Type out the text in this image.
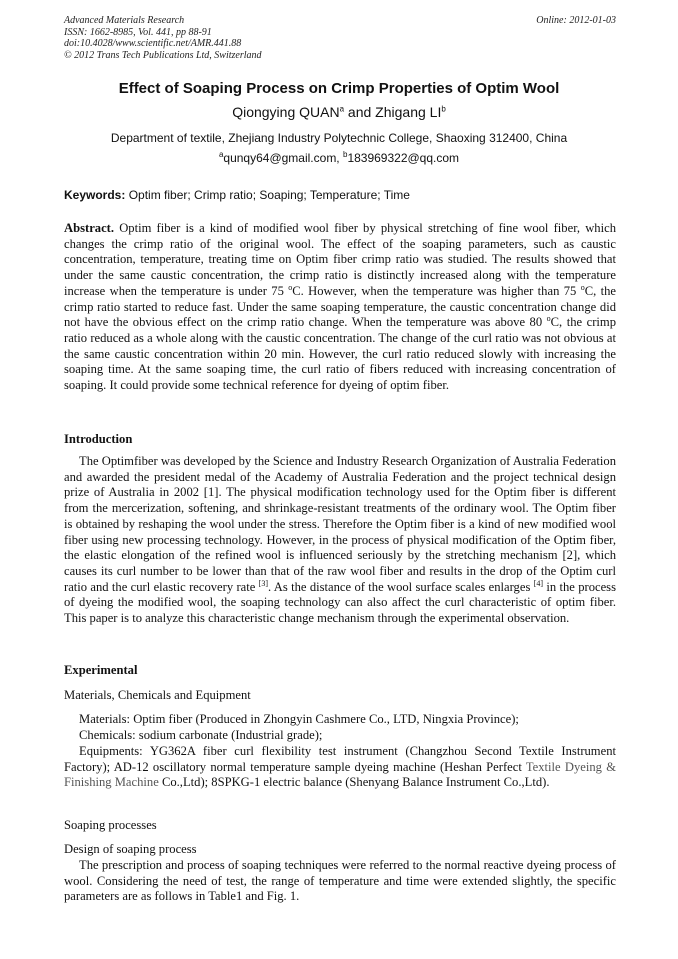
Advanced Materials Research
ISSN: 1662-8985, Vol. 441, pp 88-91
doi:10.4028/www.scientific.net/AMR.441.88
© 2012 Trans Tech Publications Ltd, Switzerland
Online: 2012-01-03
Effect of Soaping Process on Crimp Properties of Optim Wool
Qiongying QUAN$^a$ and Zhigang $LI^b$
Department of textile, Zhejiang Industry Polytechnic College, Shaoxing 312400, China
$^a$qunqy64@gmail.com, $^b$183969322@qq.com
Keywords: Optim fiber; Crimp ratio; Soaping; Temperature; Time
Abstract. Optim fiber is a kind of modified wool fiber by physical stretching of fine wool fiber, which changes the crimp ratio of the original wool. The effect of the soaping parameters, such as caustic concentration, temperature, treating time on Optim fiber crimp ratio was studied. The results showed that under the same caustic concentration, the crimp ratio is distinctly increased along with the temperature increase when the temperature is under 75 $^o$C. However, when the temperature was higher than 75 $^o$C, the crimp ratio started to reduce fast. Under the same soaping temperature, the caustic concentration change did not have the obvious effect on the crimp ratio change. When the temperature was above 80 $^o$C, the crimp ratio reduced as a whole along with the caustic concentration. The change of the curl ratio was not obvious at the same caustic concentration within 20 min. However, the curl ratio reduced slowly with increasing the soaping time. At the same soaping time, the curl ratio of fibers reduced with increasing concentration of soaping. It could provide some technical reference for dyeing of optim fiber.
Introduction
The Optimfiber was developed by the Science and Industry Research Organization of Australia Federation and awarded the president medal of the Academy of Australia Federation and the project technical design prize of Australia in 2002 [1]. The physical modification technology used for the Optim fiber is different from the mercerization, softening, and shrinkage-resistant treatments of the ordinary wool. The Optim fiber is obtained by reshaping the wool under the stress. Therefore the Optim fiber is a kind of new modified wool fiber using new processing technology. However, in the process of physical modification of the Optim fiber, the elastic elongation of the refined wool is influenced seriously by the stretching mechanism [2], which causes its curl number to be lower than that of the raw wool fiber and results in the drop of the Optim curl ratio and the curl elastic recovery rate [3]. As the distance of the wool surface scales enlarges [4] in the process of dyeing the modified wool, the soaping technology can also affect the curl characteristic of optim fiber. This paper is to analyze this characteristic change mechanism through the experimental observation.
Experimental
Materials, Chemicals and Equipment
Materials: Optim fiber (Produced in Zhongyin Cashmere Co., LTD, Ningxia Province);
Chemicals: sodium carbonate (Industrial grade);
Equipments: YG362A fiber curl flexibility test instrument (Changzhou Second Textile Instrument Factory); AD-12 oscillatory normal temperature sample dyeing machine (Heshan Perfect Textile Dyeing & Finishing Machine Co.,Ltd); 8SPKG-1 electric balance (Shenyang Balance Instrument Co.,Ltd).
Soaping processes
Design of soaping process
The prescription and process of soaping techniques were referred to the normal reactive dyeing process of wool. Considering the need of test, the range of temperature and time were extended slightly, the specific parameters are as follows in Table1 and Fig. 1.
